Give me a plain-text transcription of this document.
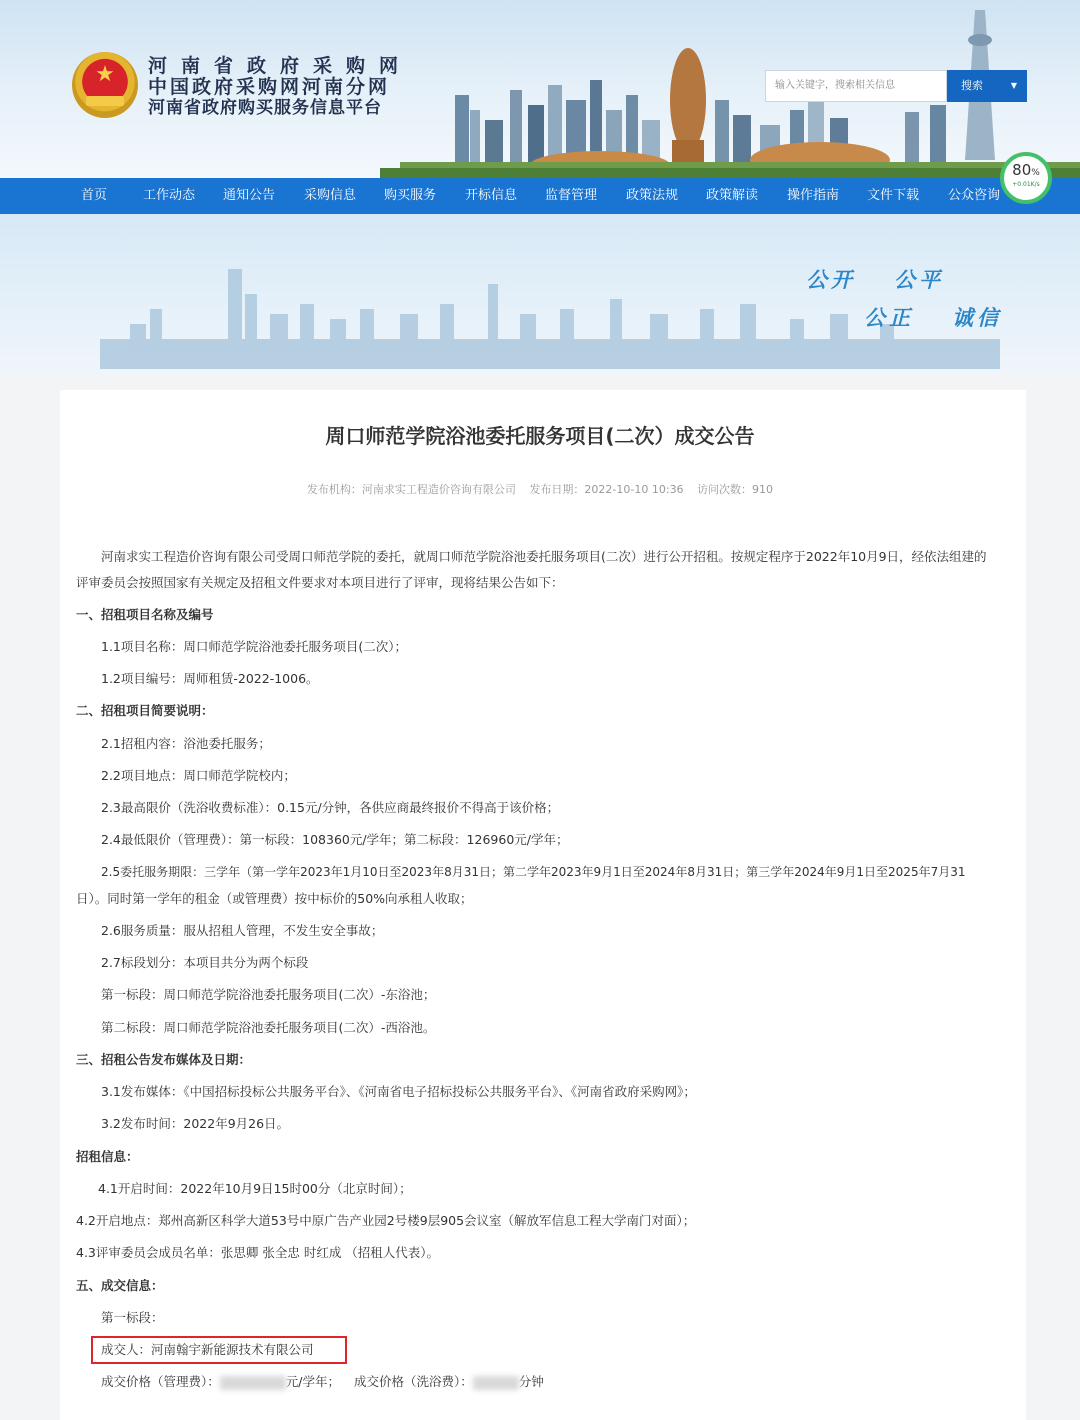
★	河南省政府采购网
中国政府采购网河南分网
河南省政府购买服务信息平台
输入关键字，搜索相关信息	搜索	▼
首页	工作动态 通知公告 采购信息 购买服务 开标信息 监督管理 政策法规 政策解读 操作指南 文件下载 公众咨询
80%
+0.01K/s
公开 公平
公正 诚信
周口师范学院浴池委托服务项目(二次）成交公告
发布机构：河南求实工程造价咨询有限公司 发布日期：2022-10-10 10:36 访问次数：910
河南求实工程造价咨询有限公司受周口师范学院的委托，就周口师范学院浴池委托服务项目(二次）进行公开招租。按规定程序于2022年10月9日，经依法组建的
评审委员会按照国家有关规定及招租文件要求对本项目进行了评审，现将结果公告如下：
一、招租项目名称及编号
1.1项目名称：周口师范学院浴池委托服务项目(二次）；
1.2项目编号：周师租赁-2022-1006。
二、招租项目简要说明：
2.1招租内容：浴池委托服务；
2.2项目地点：周口师范学院校内；
2.3最高限价（洗浴收费标准）：0.15元/分钟，各供应商最终报价不得高于该价格；
2.4最低限价（管理费）：第一标段：108360元/学年；第二标段：126960元/学年；
2.5委托服务期限：三学年（第一学年2023年1月10日至2023年8月31日；第二学年2023年9月1日至2024年8月31日；第三学年2024年9月1日至2025年7月31
日）。同时第一学年的租金（或管理费）按中标价的50%向承租人收取；
2.6服务质量：服从招租人管理，不发生安全事故；
2.7标段划分：本项目共分为两个标段
第一标段：周口师范学院浴池委托服务项目(二次）-东浴池；
第二标段：周口师范学院浴池委托服务项目(二次）-西浴池。
三、招租公告发布媒体及日期：
3.1发布媒体：《中国招标投标公共服务平台》、《河南省电子招标投标公共服务平台》、《河南省政府采购网》；
3.2发布时间：2022年9月26日。
招租信息：
4.1开启时间：2022年10月9日15时00分（北京时间）；
4.2开启地点：郑州高新区科学大道53号中原广告产业园2号楼9层905会议室（解放军信息工程大学南门对面）；
4.3评审委员会成员名单：张思卿 张全忠 时红成 （招租人代表）。
五、成交信息：
第一标段：
成交人：河南翰宇新能源技术有限公司
成交价格（管理费）：	元/学年； 成交价格（洗浴费）：	分钟
